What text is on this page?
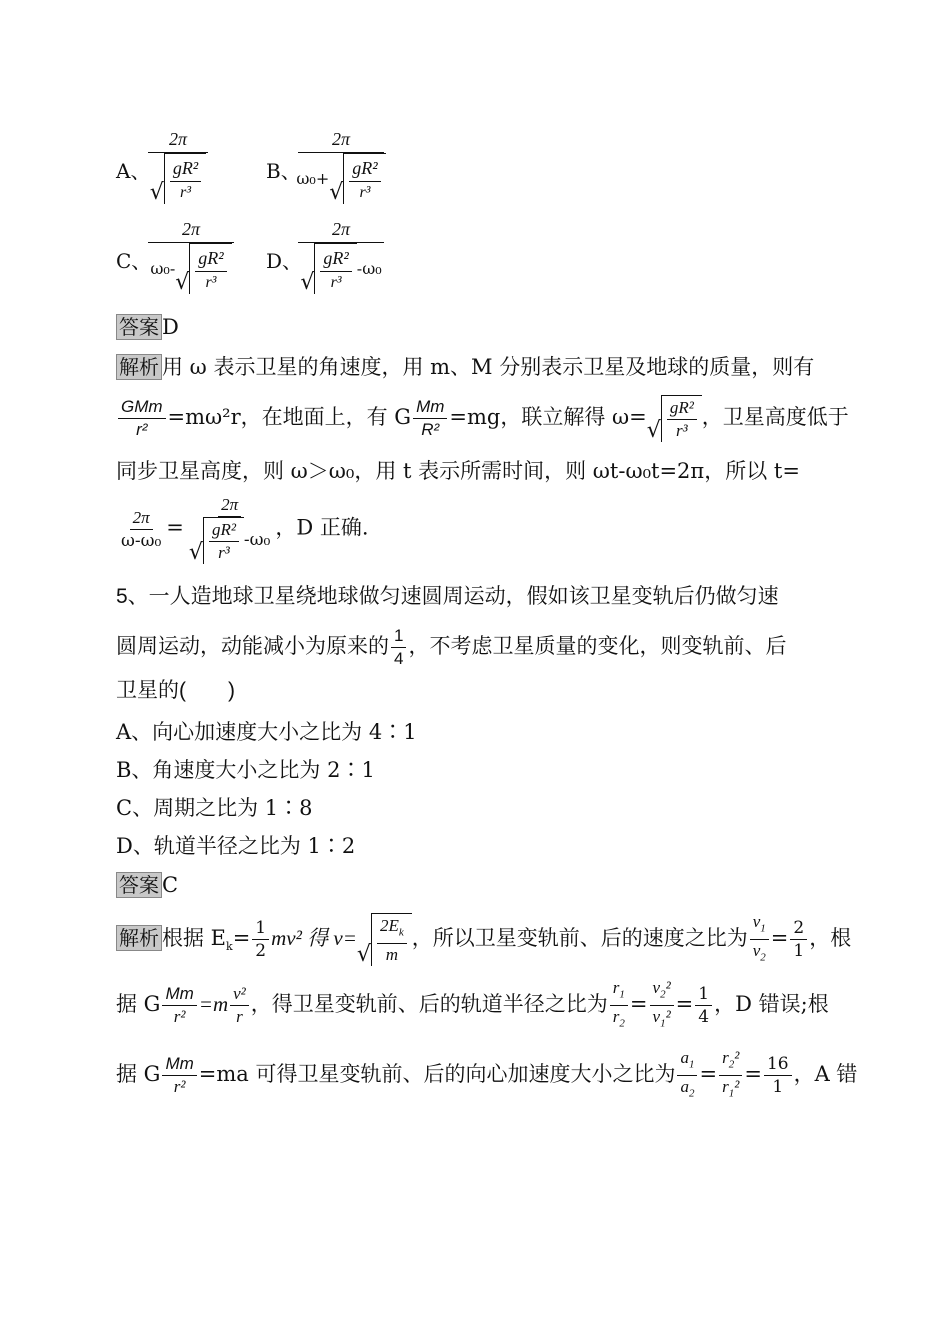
A、
2π
√ $\frac{\text{gR²}}{\text{r³}}$	B、
2π
ω₀ +
√ $\frac{\text{gR²}}{\text{r³}}$
C、
2π
ω₀ -
√ $\frac{\text{gR²}}{\text{r³}}$ D、
2π
√ $\frac{\text{gR²}}{\text{r³}} - \omega_0$
答案 D
解析 用 ω 表示卫星的角速度，用 m、M 分别表示卫星及地球的质量，则有
$\frac{\text{GMm}}{\text{r²}} =m\omega^2r$，在地面上，有 G $\frac{Mm}{\text{R²}} =mg$，联立解得 ω=
√ $\frac{\text{gR²}}{\text{r³}}$ ，卫星高度低于
同步卫星高度，则 ω＞ω₀，用 t 表示所需时间，则 ωt-ω₀t=2π，所以 t=
$\frac{2\pi}{\text{ω-ω₀}} = \frac{2\pi}{√ \frac{\text{gR²}}{\text{r³}} -\omega_0}$ ，D 正确.
5、一人造地球卫星绕地球做匀速圆周运动，假如该卫星变轨后仍做匀速
圆周运动，动能减小为原来的 $\frac{1}{4}$ ，不考虑卫星质量的变化，则变轨前、后
卫星的(　　)
A、向心加速度大小之比为 4∶1
B、角速度大小之比为 2∶1
C、周期之比为 1∶8
D、轨道半径之比为 1∶2
答案 C
解析 根据 $E_k= \frac{1}{2} mv^2$ 得 v=
√ $\frac{2E_k}{m}$ ，所以卫星变轨前、后的速度之比为 $\frac{v_1}{v_2} = \frac{2}{1}$ ，根
据 G $\frac{Mm}{\text{r²}} =m \frac{\text{v²}}{r}$ ，得卫星变轨前、后的轨道半径之比为 $\frac{r_1}{r_2} = \frac{v_2^2}{v_1^2} = \frac{1}{4}$ ，D 错误;根
据 G $\frac{Mm}{\text{r²}} =ma$ 可得卫星变轨前、后的向心加速度大小之比为 $\frac{a_1}{a_2} = \frac{r_2^2}{r_1^2} = \frac{16}{1}$ ，A 错
